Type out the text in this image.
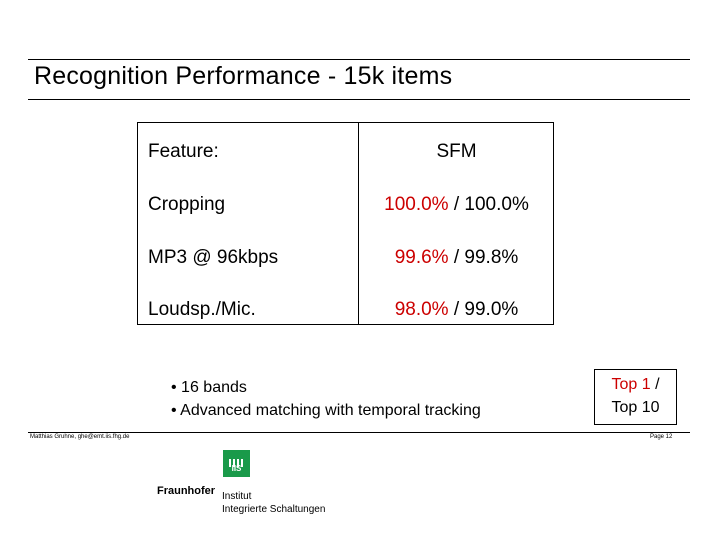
Recognition Performance - 15k items
Feature:	SFM
Cropping	100.0% / 100.0%
MP3 @ 96kbps	99.6% / 99.8%
Loudsp./Mic.	98.0% / 99.0%
• 16 bands
• Advanced matching with temporal tracking
Top 1 /
Top 10
Matthias Gruhne, ghe@emt.iis.fhg.de	Page 12
IIS
Fraunhofer Institut
Integrierte Schaltungen
